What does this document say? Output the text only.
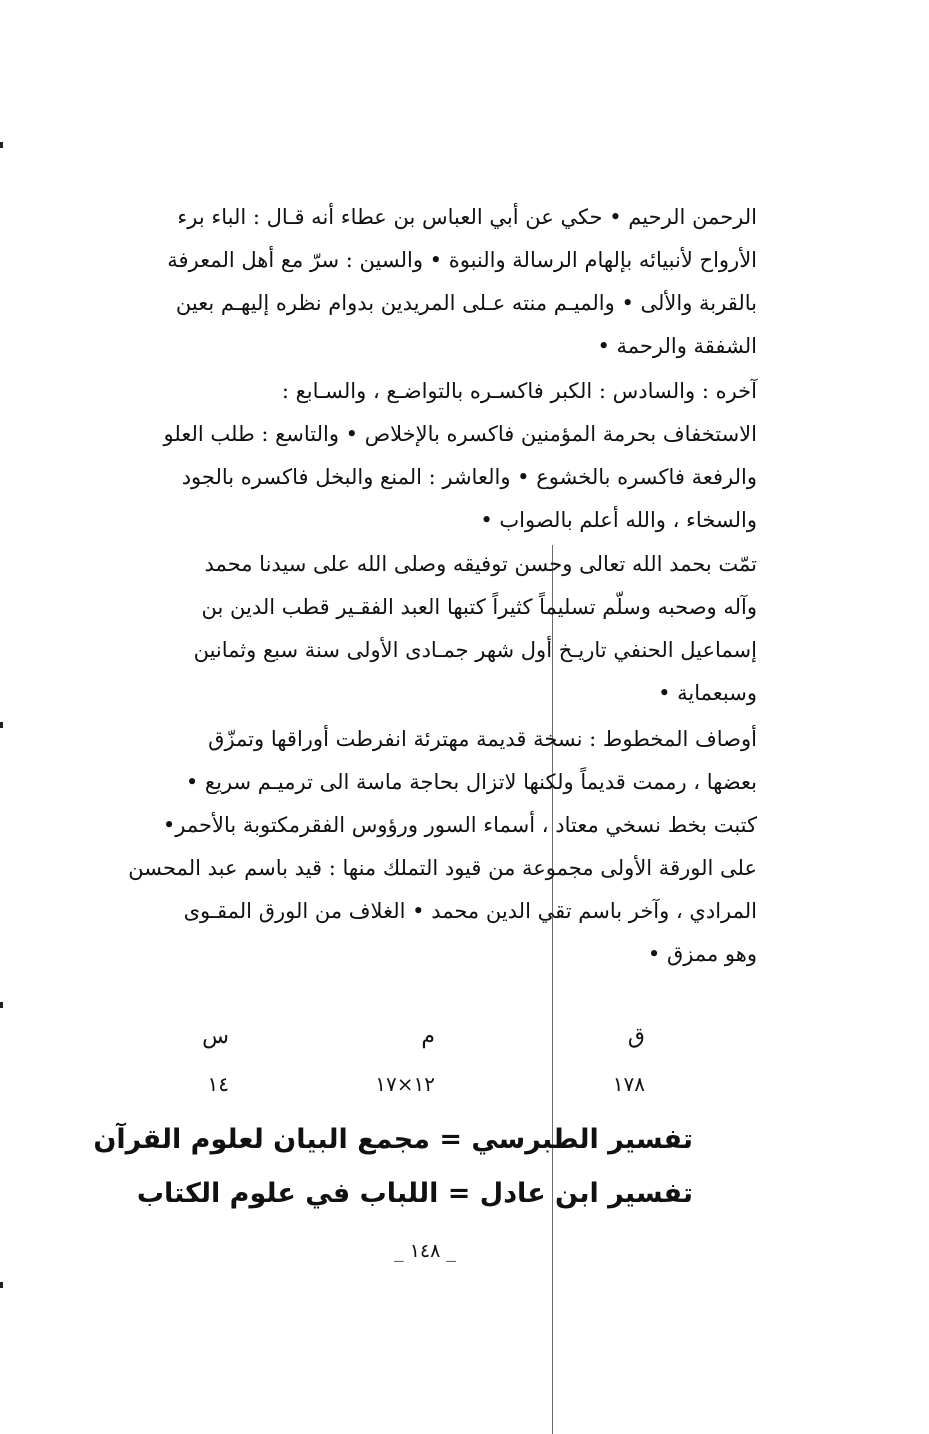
الرحمن الرحيم • حكي عن أبي العباس بن عطاء أنه قـال : الباء برء
الأرواح لأنبيائه بإلهام الرسالة والنبوة • والسين : سرّ مع أهل المعرفة
بالقربة والألى • والميـم منته عـلى المريدين بدوام نظره إليهـم بعين
الشفقة والرحمة •
آخره : والسادس : الكبر فاكسـره بالتواضـع ، والسـابع :
الاستخفاف بحرمة المؤمنين فاكسره بالإخلاص • والتاسع : طلب العلو
والرفعة فاكسره بالخشوع • والعاشر : المنع والبخل فاكسره بالجود
والسخاء ، والله أعلم بالصواب •
تمّت بحمد الله تعالى وحسن توفيقه وصلى الله على سيدنا محمد
وآله وصحبه وسلّم تسليماً كثيراً كتبها العبد الفقـير قطب الدين بن
إسماعيل الحنفي تاريـخ أول شهر جمـادى الأولى سنة سبع وثمانين
وسبعماية •
أوصاف المخطوط : نسخة قديمة مهترئة انفرطت أوراقها وتمزّق
بعضها ، رممت قديماً ولكنها لاتزال بحاجة ماسة الى ترميـم سريع •
كتبت بخط نسخي معتاد ، أسماء السور ورؤوس الفقرمكتوبة بالأحمر•
على الورقة الأولى مجموعة من قيود التملك منها : قيد باسم عبد المحسن
المرادي ، وآخر باسم تقي الدين محمد • الغلاف من الورق المقـوى
وهو ممزق •
ق
م
س
١٧٨
١٢×١٧
١٤
تفسير الطبرسي = مجمع البيان لعلوم القرآن
تفسير ابن عادل = اللباب في علوم الكتاب
_ ١٤٨ _
